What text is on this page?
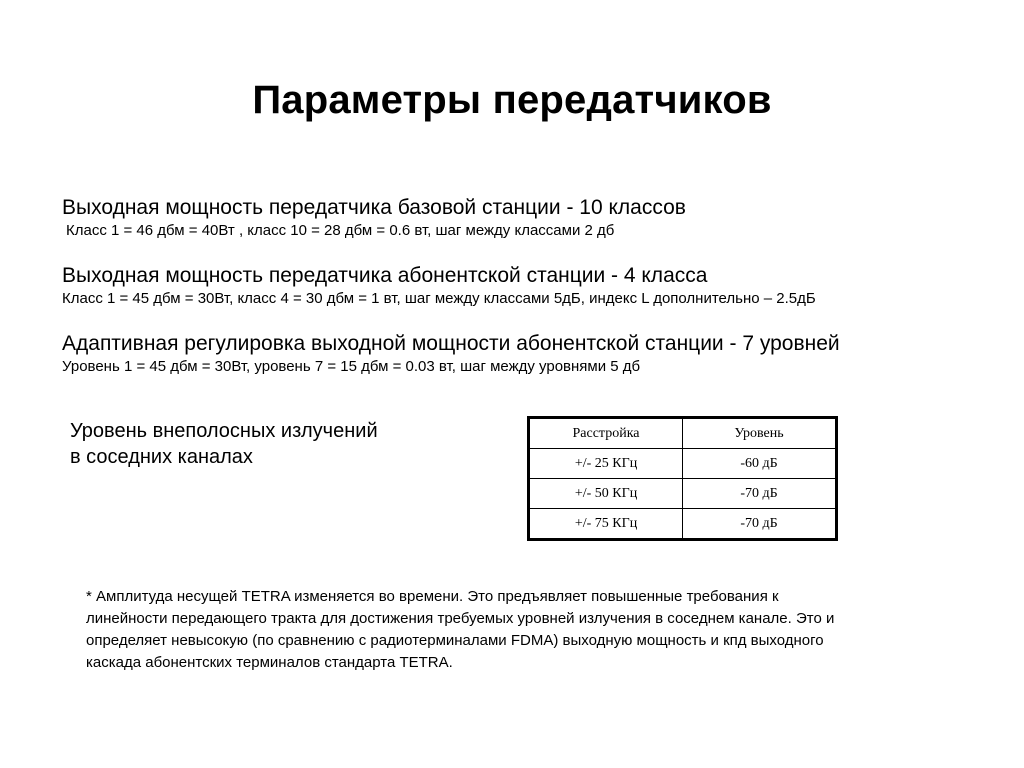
Параметры передатчиков
Выходная мощность передатчика базовой станции - 10 классов
Класс 1 = 46 дбм = 40Вт , класс 10 = 28 дбм = 0.6 вт, шаг между классами 2 дб
Выходная мощность передатчика абонентской станции - 4 класса
Класс 1 = 45 дбм = 30Вт, класс 4 = 30 дбм = 1 вт, шаг между классами 5дБ, индекс L дополнительно – 2.5дБ
Адаптивная регулировка выходной мощности абонентской станции - 7 уровней
Уровень 1 = 45 дбм = 30Вт, уровень 7 = 15 дбм = 0.03 вт, шаг между уровнями 5 дб
Уровень внеполосных излучений
в соседних каналах
Расстройка	Уровень
+/- 25 КГц	-60 дБ
+/- 50 КГц	-70 дБ
+/- 75 КГц	-70 дБ
* Амплитуда несущей TETRA изменяется во времени. Это предъявляет повышенные требования к
линейности передающего тракта для достижения требуемых уровней излучения в соседнем канале. Это и
определяет невысокую (по сравнению с радиотерминалами FDMA) выходную мощность и кпд выходного
каскада абонентских терминалов стандарта TETRA.
